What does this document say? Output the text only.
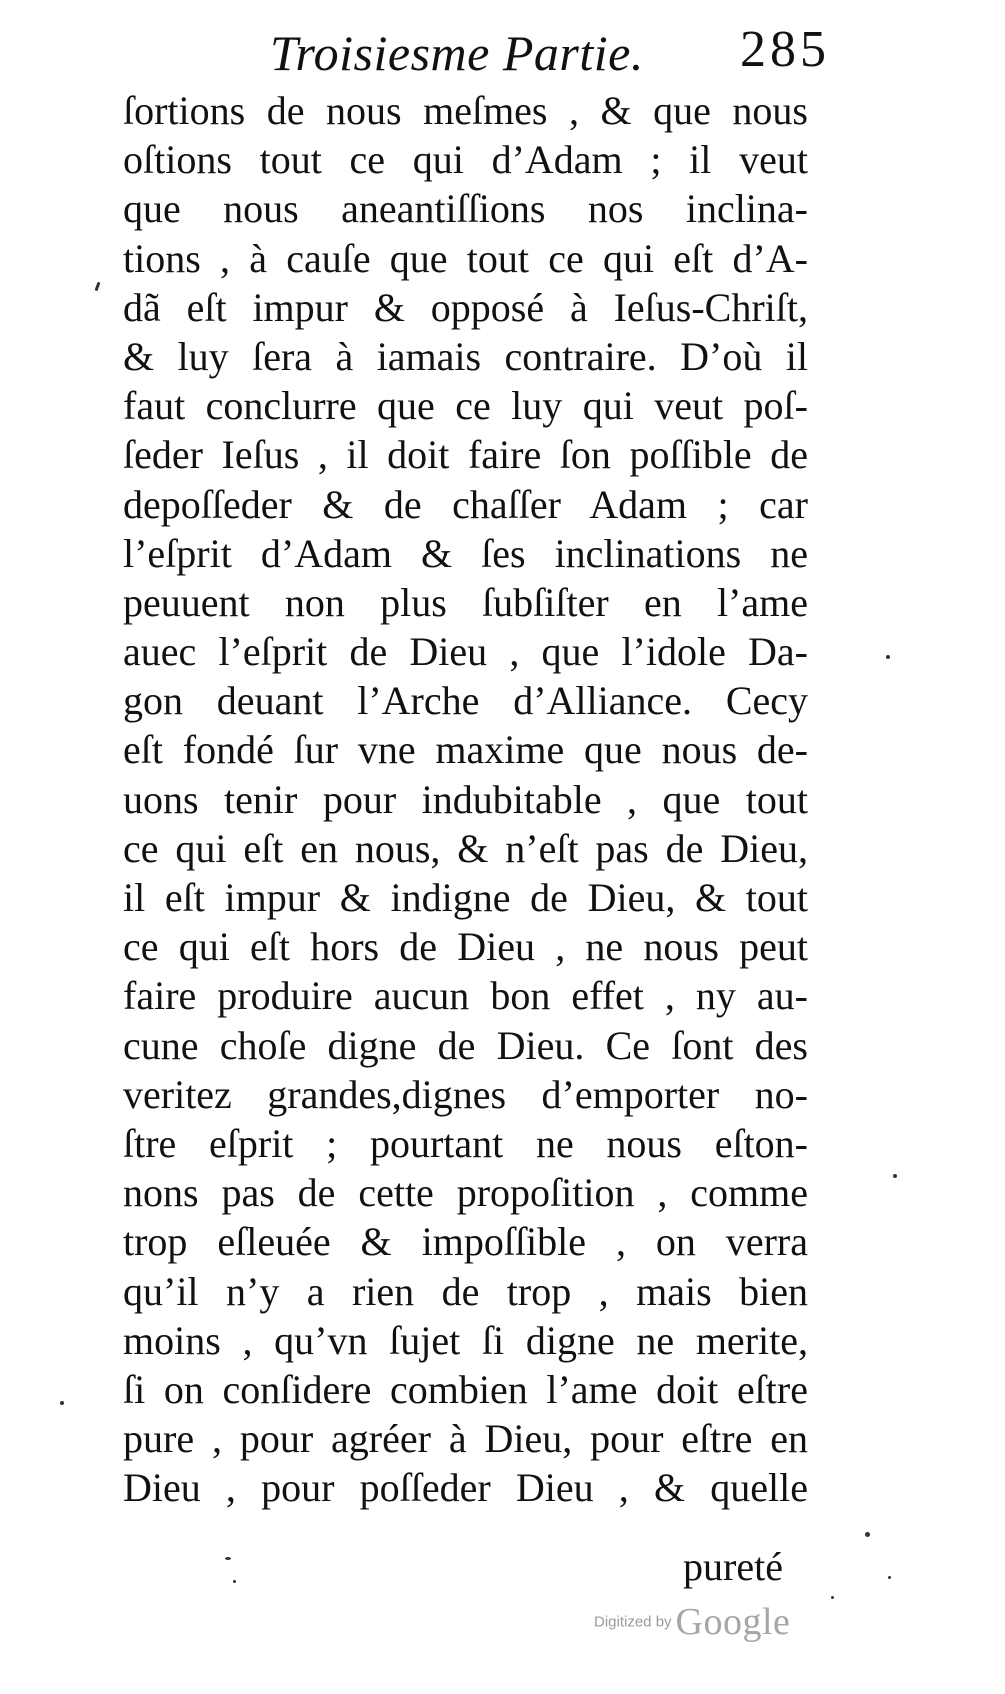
Troisiesme Partie. 285
ſortions de nous meſmes , & que nous
oſtions tout ce qui d’Adam ; il veut
que nous aneantiſſions nos inclina-
tions , à cauſe que tout ce qui eſt d’A-
dã eſt impur & opposé à Ieſus-Chriſt,
& luy ſera à iamais contraire. D’où il
faut conclurre que ce luy qui veut poſ-
ſeder Ieſus , il doit faire ſon poſſible de
depoſſeder & de chaſſer Adam ; car
l’eſprit d’Adam & ſes inclinations ne
peuuent non plus ſubſiſter en l’ame
auec l’eſprit de Dieu , que l’idole Da-
gon deuant l’Arche d’Alliance. Cecy
eſt fondé ſur vne maxime que nous de-
uons tenir pour indubitable , que tout
ce qui eſt en nous, & n’eſt pas de Dieu,
il eſt impur & indigne de Dieu, & tout
ce qui eſt hors de Dieu , ne nous peut
faire produire aucun bon effet , ny au-
cune choſe digne de Dieu. Ce ſont des
veritez grandes,dignes d’emporter no-
ſtre eſprit ; pourtant ne nous eſton-
nons pas de cette propoſition , comme
trop eſleuée & impoſſible , on verra
qu’il n’y a rien de trop , mais bien
moins , qu’vn ſujet ſi digne ne merite,
ſi on conſidere combien l’ame doit eſtre
pure , pour agréer à Dieu, pour eſtre en
Dieu , pour poſſeder Dieu , & quelle
pureté
Digitized by Google
